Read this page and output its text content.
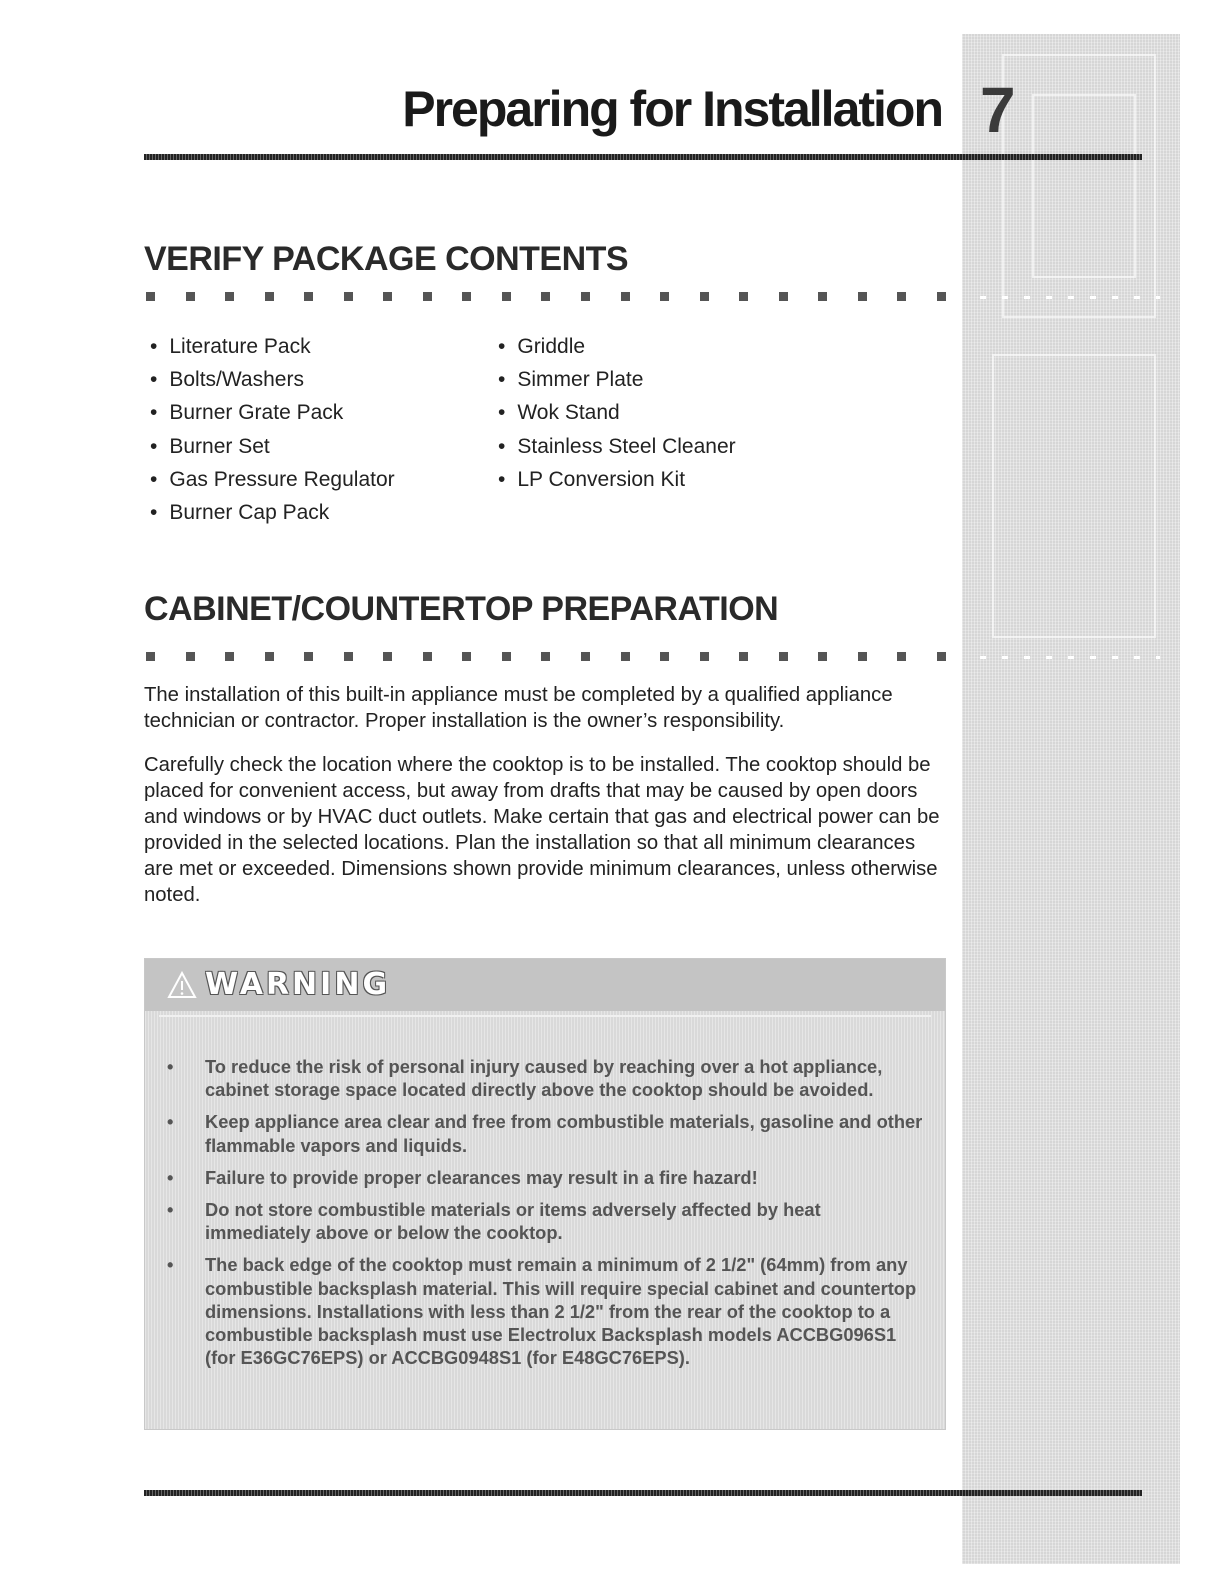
7
Preparing for Installation
VERIFY PACKAGE CONTENTS
• Literature Pack
• Bolts/Washers
• Burner Grate Pack
• Burner Set
• Gas Pressure Regulator
• Burner Cap Pack
• Griddle
• Simmer Plate
• Wok Stand
• Stainless Steel Cleaner
• LP Conversion Kit
CABINET/COUNTERTOP PREPARATION

The installation of this built-in appliance must be completed by a qualified appliance technician or contractor. Proper installation is the owner’s responsibility.

Carefully check the location where the cooktop is to be installed. The cooktop should be placed for convenient access, but away from drafts that may be caused by open doors and windows or by HVAC duct outlets. Make certain that gas and electrical power can be provided in the selected locations. Plan the installation so that all minimum clearances are met or exceeded. Dimensions shown provide minimum clearances, unless otherwise noted.

WARNING
• To reduce the risk of personal injury caused by reaching over a hot appliance, cabinet storage space located directly above the cooktop should be avoided.
• Keep appliance area clear and free from combustible materials, gasoline and other flammable vapors and liquids.
• Failure to provide proper clearances may result in a fire hazard!
• Do not store combustible materials or items adversely affected by heat immediately above or below the cooktop.
• The back edge of the cooktop must remain a minimum of 2 1/2" (64mm) from any combustible backsplash material. This will require special cabinet and countertop dimensions. Installations with less than 2 1/2" from the rear of the cooktop to a combustible backsplash must use Electrolux Backsplash models ACCBG096S1 (for E36GC76EPS) or ACCBG0948S1 (for E48GC76EPS).
